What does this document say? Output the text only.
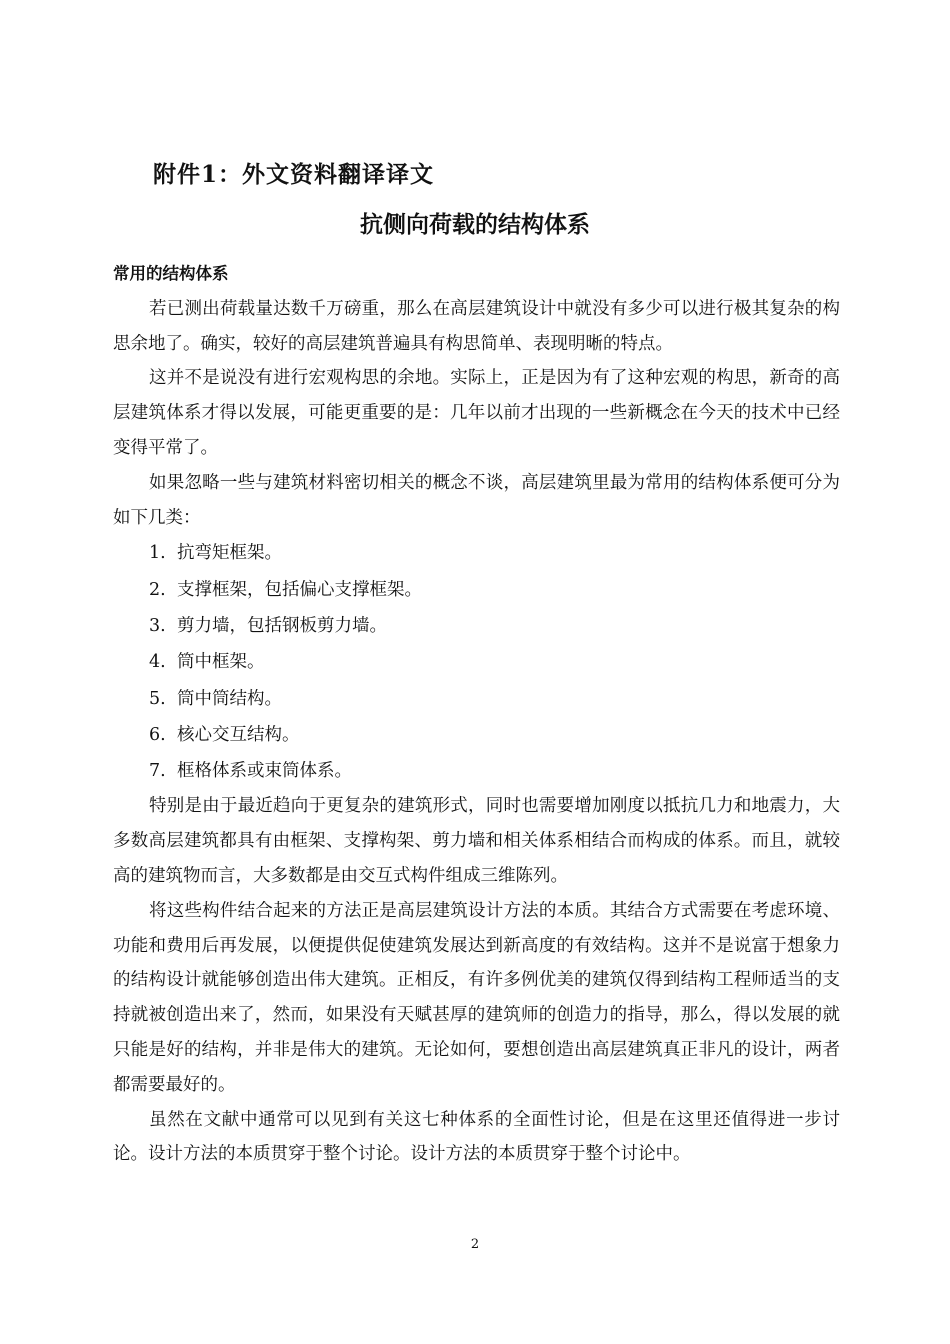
附件1：外文资料翻译译文
抗侧向荷载的结构体系

常用的结构体系

若已测出荷载量达数千万磅重，那么在高层建筑设计中就没有多少可以进行极其复杂的构思余地了。确实，较好的高层建筑普遍具有构思简单、表现明晰的特点。

这并不是说没有进行宏观构思的余地。实际上，正是因为有了这种宏观的构思，新奇的高层建筑体系才得以发展，可能更重要的是：几年以前才出现的一些新概念在今天的技术中已经变得平常了。

如果忽略一些与建筑材料密切相关的概念不谈，高层建筑里最为常用的结构体系便可分为如下几类：

1. 抗弯矩框架。
2. 支撑框架，包括偏心支撑框架。
3. 剪力墙，包括钢板剪力墙。
4. 筒中框架。
5. 筒中筒结构。
6. 核心交互结构。
7. 框格体系或束筒体系。

特别是由于最近趋向于更复杂的建筑形式，同时也需要增加刚度以抵抗几力和地震力，大多数高层建筑都具有由框架、支撑构架、剪力墙和相关体系相结合而构成的体系。而且，就较高的建筑物而言，大多数都是由交互式构件组成三维陈列。

将这些构件结合起来的方法正是高层建筑设计方法的本质。其结合方式需要在考虑环境、功能和费用后再发展，以便提供促使建筑发展达到新高度的有效结构。这并不是说富于想象力的结构设计就能够创造出伟大建筑。正相反，有许多例优美的建筑仅得到结构工程师适当的支持就被创造出来了，然而，如果没有天赋甚厚的建筑师的创造力的指导，那么，得以发展的就只能是好的结构，并非是伟大的建筑。无论如何，要想创造出高层建筑真正非凡的设计，两者都需要最好的。

虽然在文献中通常可以见到有关这七种体系的全面性讨论，但是在这里还值得进一步讨论。设计方法的本质贯穿于整个讨论。设计方法的本质贯穿于整个讨论中。

2
